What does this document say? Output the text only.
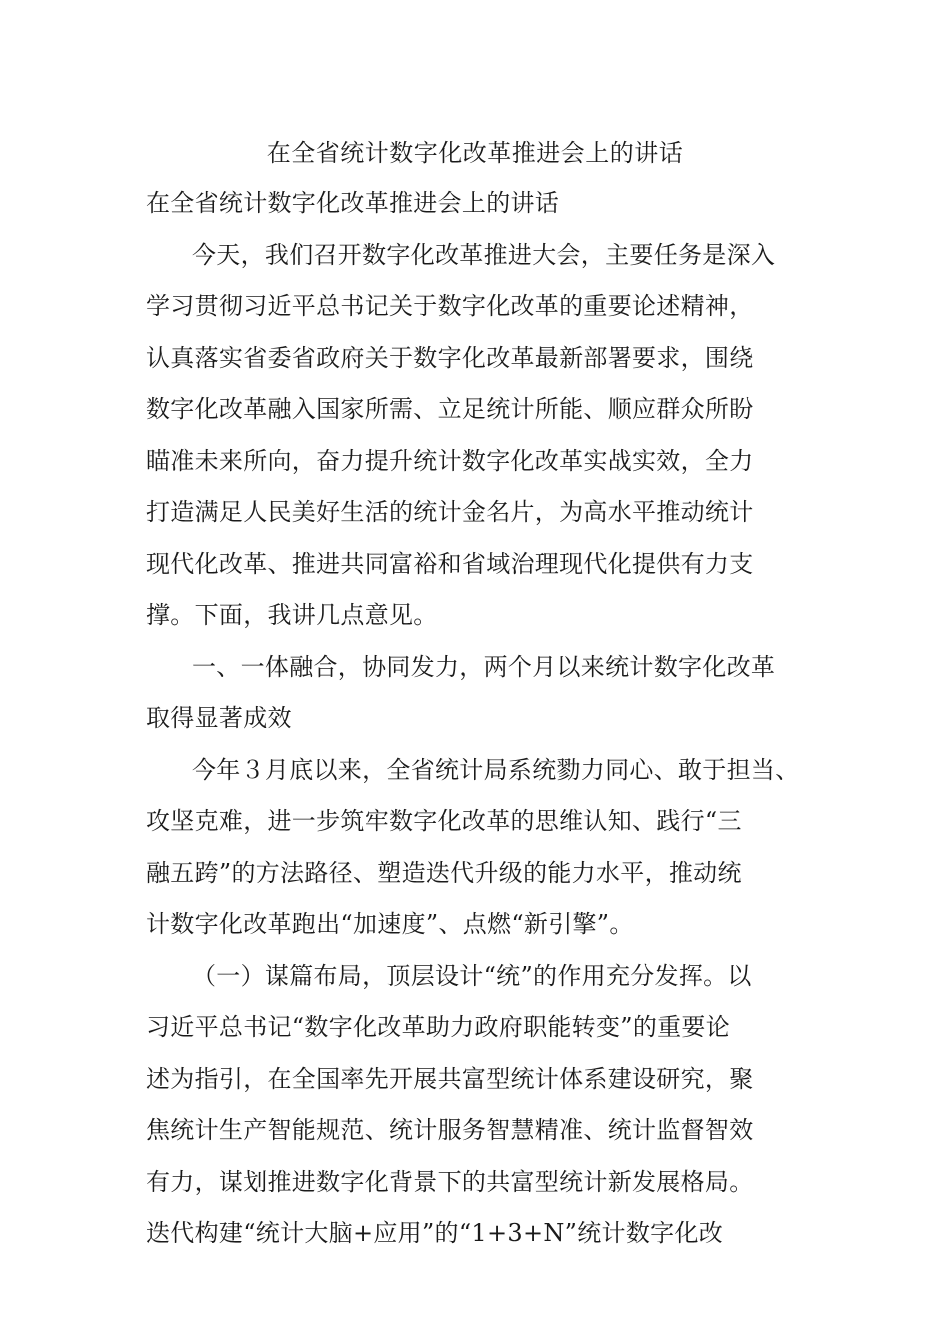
在全省统计数字化改革推进会上的讲话
在全省统计数字化改革推进会上的讲话
今天，我们召开数字化改革推进大会，主要任务是深入
学习贯彻习近平总书记关于数字化改革的重要论述精神，
认真落实省委省政府关于数字化改革最新部署要求，围绕
数字化改革融入国家所需、立足统计所能、顺应群众所盼
瞄准未来所向，奋力提升统计数字化改革实战实效，全力
打造满足人民美好生活的统计金名片，为高水平推动统计
现代化改革、推进共同富裕和省域治理现代化提供有力支
撑。下面，我讲几点意见。
一、一体融合，协同发力，两个月以来统计数字化改革
取得显著成效
今年３月底以来，全省统计局系统勠力同心、敢于担当、
攻坚克难，进一步筑牢数字化改革的思维认知、践行“三
融五跨”的方法路径、塑造迭代升级的能力水平，推动统
计数字化改革跑出“加速度”、点燃“新引擎”。
（一）谋篇布局，顶层设计“统”的作用充分发挥。以
习近平总书记“数字化改革助力政府职能转变”的重要论
述为指引，在全国率先开展共富型统计体系建设研究，聚
焦统计生产智能规范、统计服务智慧精准、统计监督智效
有力，谋划推进数字化背景下的共富型统计新发展格局。
迭代构建“统计大脑+应用”的“1+3+N”统计数字化改
